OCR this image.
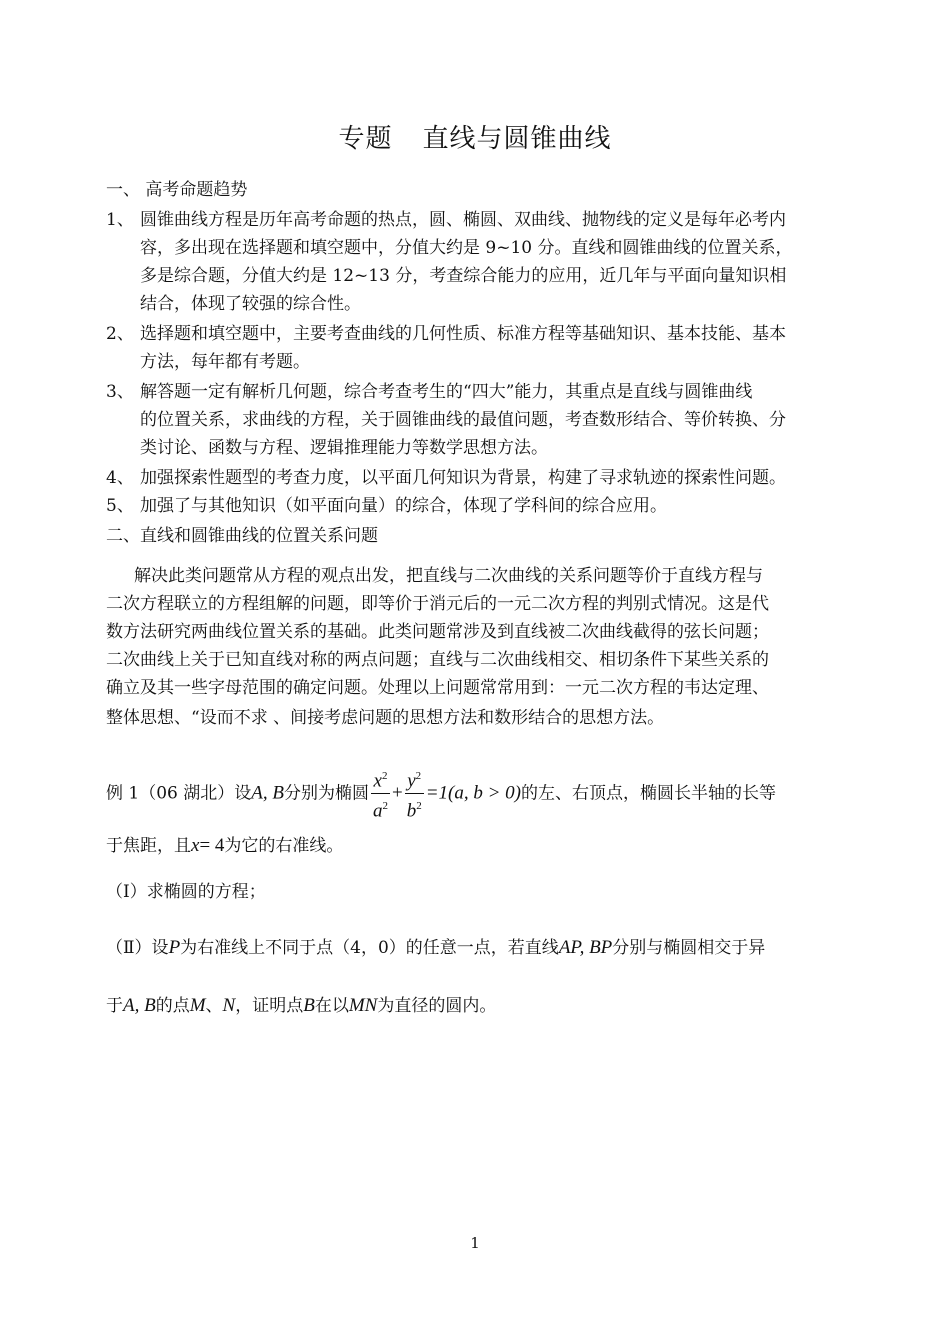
专题 直线与圆锥曲线
一、 高考命题趋势
1、 圆锥曲线方程是历年高考命题的热点，圆、椭圆、双曲线、抛物线的定义是每年必考内
容，多出现在选择题和填空题中，分值大约是 9~10 分。直线和圆锥曲线的位置关系，
多是综合题，分值大约是 12~13 分，考查综合能力的应用，近几年与平面向量知识相
结合，体现了较强的综合性。
2、 选择题和填空题中，主要考查曲线的几何性质、标准方程等基础知识、基本技能、基本
方法，每年都有考题。
3、 解答题一定有解析几何题，综合考查考生的“四大”能力，其重点是直线与圆锥曲线
的位置关系，求曲线的方程，关于圆锥曲线的最值问题，考查数形结合、等价转换、分
类讨论、函数与方程、逻辑推理能力等数学思想方法。
4、 加强探索性题型的考查力度，以平面几何知识为背景，构建了寻求轨迹的探索性问题。
5、 加强了与其他知识（如平面向量）的综合，体现了学科间的综合应用。
二、直线和圆锥曲线的位置关系问题
解决此类问题常从方程的观点出发，把直线与二次曲线的关系问题等价于直线方程与
二次方程联立的方程组解的问题，即等价于消元后的一元二次方程的判别式情况。这是代
数方法研究两曲线位置关系的基础。此类问题常涉及到直线被二次曲线截得的弦长问题；
二次曲线上关于已知直线对称的两点问题；直线与二次曲线相交、相切条件下某些关系的
确立及其一些字母范围的确定问题。处理以上问题常常用到：一元二次方程的韦达定理、
整体思想、“设而不求 、间接考虑问题的思想方法和数形结合的思想方法。
例 1（06 湖北）设A, B分别为椭圆 $\frac{x^2}{a^2} + \frac{y^2}{b^2} =1(a$, b > 0)的左、右顶点，椭圆长半轴的长等
于焦距，且x= 4为它的右准线。
（Ⅰ）求椭圆的方程；
（Ⅱ）设P为右准线上不同于点（4，0）的任意一点，若直线AP, BP分别与椭圆相交于异
于A, B的点M、N，证明点B在以MN为直径的圆内。
1
